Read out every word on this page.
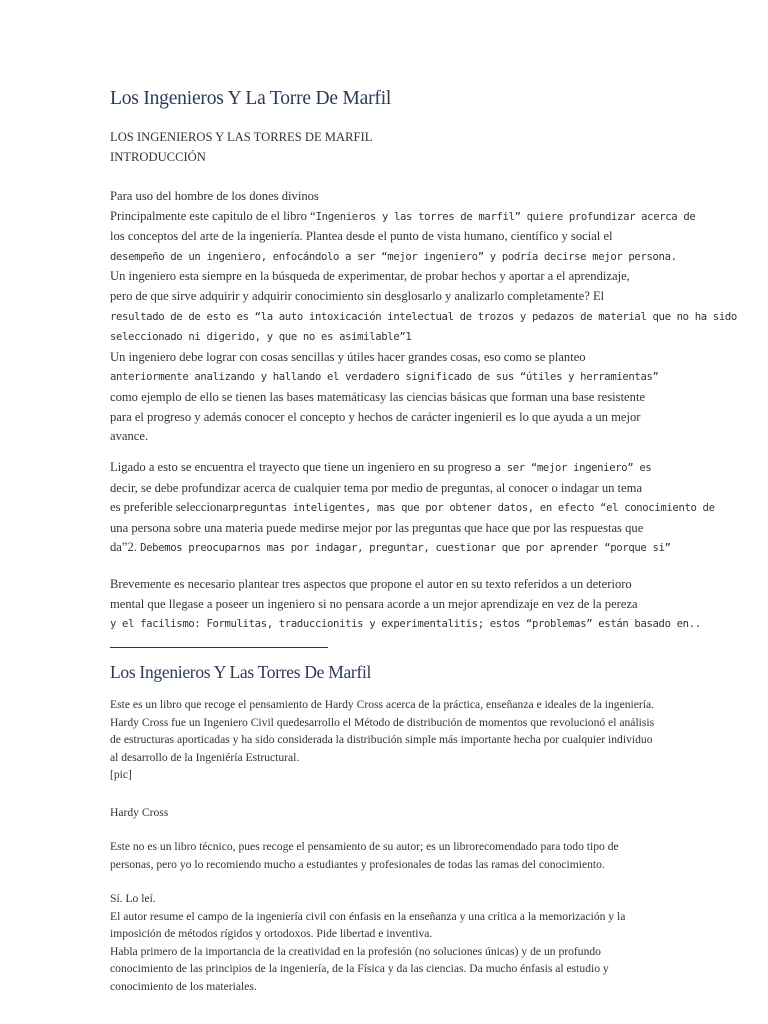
Los Ingenieros Y La Torre De Marfil
LOS INGENIEROS Y LAS TORRES DE MARFIL
INTRODUCCIÓN
Para uso del hombre de los dones divinos
Principalmente este capitulo de el libro “Ingenieros y las torres de marfil” quiere profundizar acerca de
los conceptos del arte de la ingeniería. Plantea desde el punto de vista humano, científico y social el
desempeño de un ingeniero, enfocándolo a ser “mejor ingeniero” y podría decirse mejor persona.
Un ingeniero esta siempre en la búsqueda de experimentar, de probar hechos y aportar a el aprendizaje,
pero de que sirve adquirir y adquirir conocimiento sin desglosarlo y analizarlo completamente? El
resultado de de esto es “la auto intoxicación intelectual de trozos y pedazos de material que no ha sido
seleccionado ni digerido, y que no es asimilable”1
Un ingeniero debe lograr con cosas sencillas y útiles hacer grandes cosas, eso como se planteo
anteriormente analizando y hallando el verdadero significado de sus “útiles y herramientas”
como ejemplo de ello se tienen las bases matemáticasy las ciencias básicas que forman una base resistente
para el progreso y además conocer el concepto y hechos de carácter ingenieril es lo que ayuda a un mejor
avance.
Ligado a esto se encuentra el trayecto que tiene un ingeniero en su progreso a ser “mejor ingeniero” es
decir, se debe profundizar acerca de cualquier tema por medio de preguntas, al conocer o indagar un tema
es preferible seleccionarpreguntas inteligentes, mas que por obtener datos, en efecto “el conocimiento de
una persona sobre una materia puede medirse mejor por las preguntas que hace que por las respuestas que
da”2. Debemos preocuparnos mas por indagar, preguntar, cuestionar que por aprender “porque si”
Brevemente es necesario plantear tres aspectos que propone el autor en su texto referidos a un deterioro
mental que llegase a poseer un ingeniero si no pensara acorde a un mejor aprendizaje en vez de la pereza
y el facilismo: Formulitas, traduccionitis y experimentalitis; estos “problemas” están basado en..
Los Ingenieros Y Las Torres De Marfil
Este es un libro que recoge el pensamiento de Hardy Cross acerca de la práctica, enseñanza e ideales de la ingeniería.
Hardy Cross fue un Ingeniero Civil quedesarrollo el Método de distribución de momentos que revolucionó el análisis
de estructuras aporticadas y ha sido considerada la distribución simple más importante hecha por cualquier individuo
al desarrollo de la Ingeniéría Estructural.
[pic]
Hardy Cross
Este no es un libro técnico, pues recoge el pensamiento de su autor; es un librorecomendado para todo tipo de
personas, pero yo lo recomiendo mucho a estudiantes y profesionales de todas las ramas del conocimiento.
Sí. Lo leí.
El autor resume el campo de la ingeniería civil con énfasis en la enseñanza y una crítica a la memorización y la
imposición de métodos rígidos y ortodoxos. Pide libertad e inventiva.
Habla primero de la importancia de la creatividad en la profesión (no soluciones únicas) y de un profundo
conocimiento de las principios de la ingeniería, de la Física y da las ciencias. Da mucho énfasis al estudio y
conocimiento de los materiales.
